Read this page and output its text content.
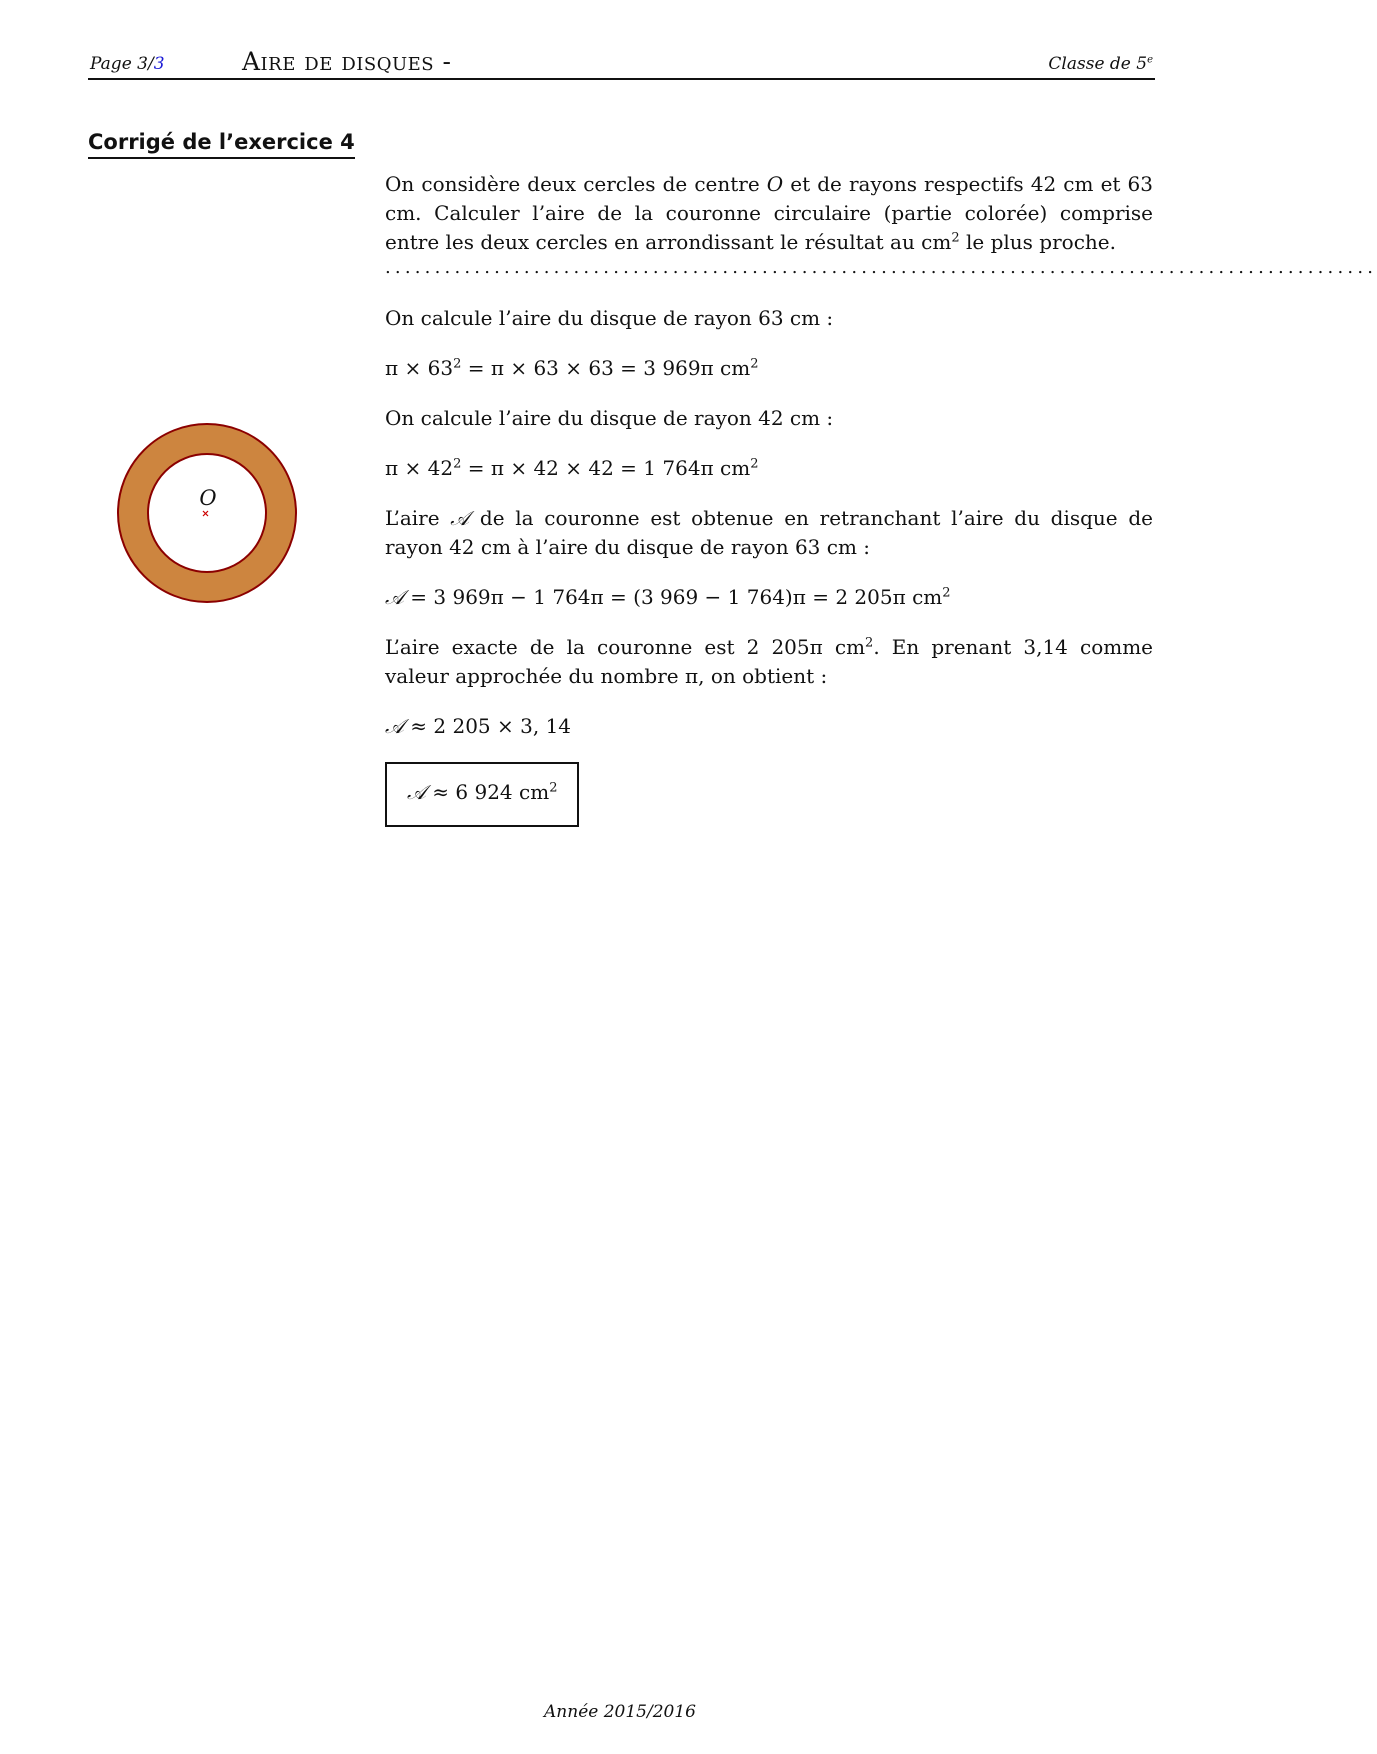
Page 3/3	Aire de disques -	Classe de 5e
Corrigé de l’exercice 4
O

On considère deux cercles de centre O et de rayons respectifs 42 cm et 63 cm. Calculer l’aire de la couronne circulaire (partie colorée) comprise entre les deux cercles en arrondissant le résultat au $cm^2$ le plus proche.

....................................................................................................

On calcule l’aire du disque de rayon 63 cm :

$\pi \times 63^2 = \pi \times 63 \times 63 = 3$ 969π $cm^2$

On calcule l’aire du disque de rayon 42 cm :

$\pi \times 42^2 = \pi \times 42 \times 42 = 1$ 764π $cm^2$

L’aire 𝒜 de la couronne est obtenue en retranchant l’aire du disque de rayon 42 cm à l’aire du disque de rayon 63 cm :

𝒜 = 3 969π − 1 764π = (3 969 − 1 764)π = 2 205π $cm^2$

L’aire exacte de la couronne est 2 205π $cm^2$. En prenant 3,14 comme valeur approchée du nombre π, on obtient :

𝒜 ≈ 2 205 × 3, 14

𝒜 ≈ 6 924 $cm^2$
Année 2015/2016
